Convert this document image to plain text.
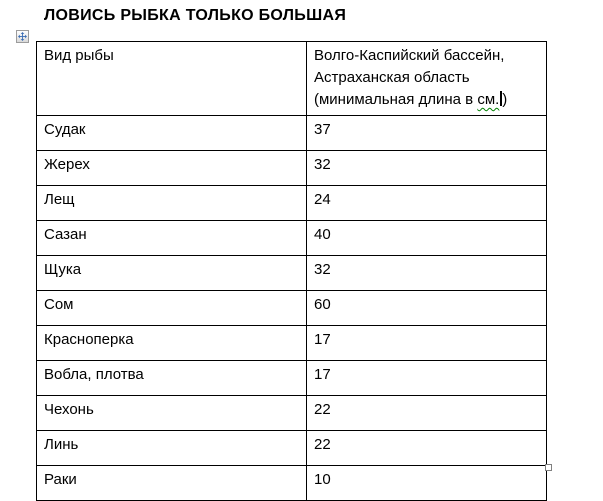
ЛОВИСЬ РЫБКА ТОЛЬКО БОЛЬШАЯ
Вид рыбы	Волго-Каспийский бассейн,
Астраханская область
(минимальная длина в см. )

Судак	37
Жерех	32
Лещ	24
Сазан	40
Щука	32
Сом	60
Красноперка	17
Вобла, плотва	17
Чехонь	22
Линь	22
Раки	10
